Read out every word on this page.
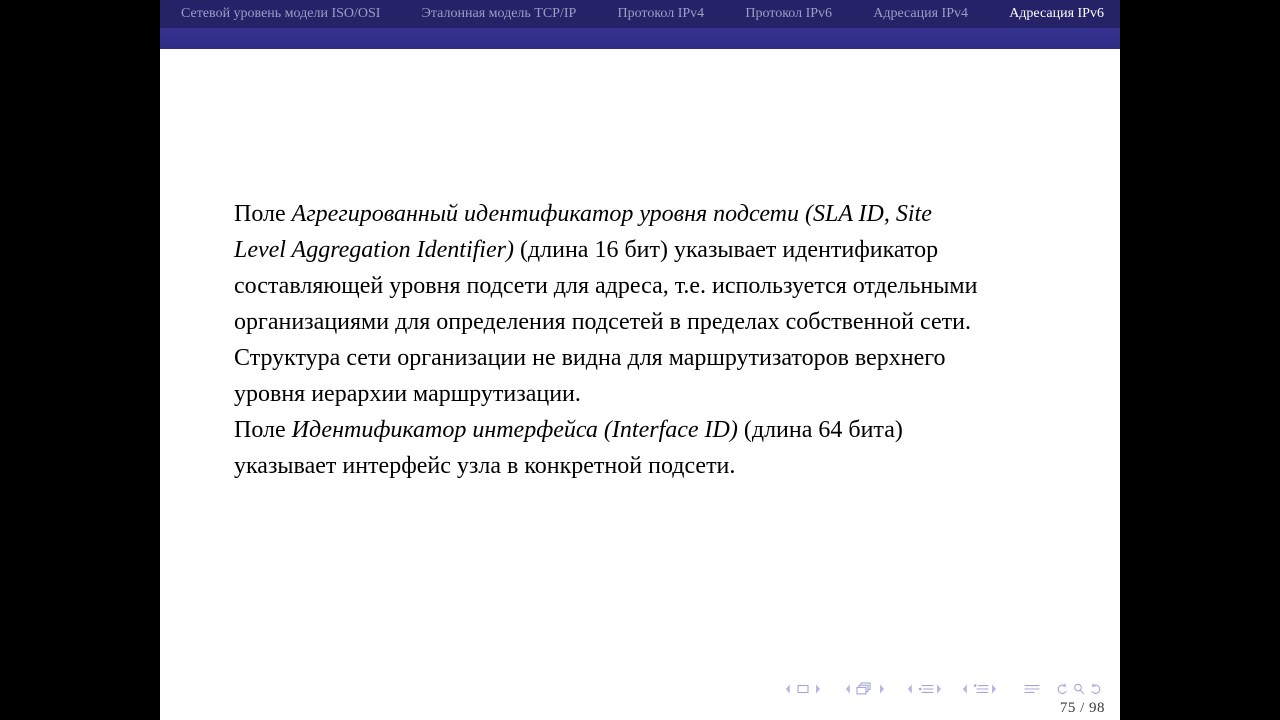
Сетевой уровень модели ISO/OSI	Эталонная модель TCP/IP	Протокол IPv4	Протокол IPv6	Адресация IPv4	Адресация IPv6
Поле Агрегированный идентификатор уровня подсети (SLA ID, Site
Level Aggregation Identifier) (длина 16 бит) указывает идентификатор
составляющей уровня подсети для адреса, т.е. используется отдельными
организациями для определения подсетей в пределах собственной сети.
Структура сети организации не видна для маршрутизаторов верхнего
уровня иерархии маршрутизации.
Поле Идентификатор интерфейса (Interface ID) (длина 64 бита)
указывает интерфейс узла в конкретной подсети.
75 / 98
